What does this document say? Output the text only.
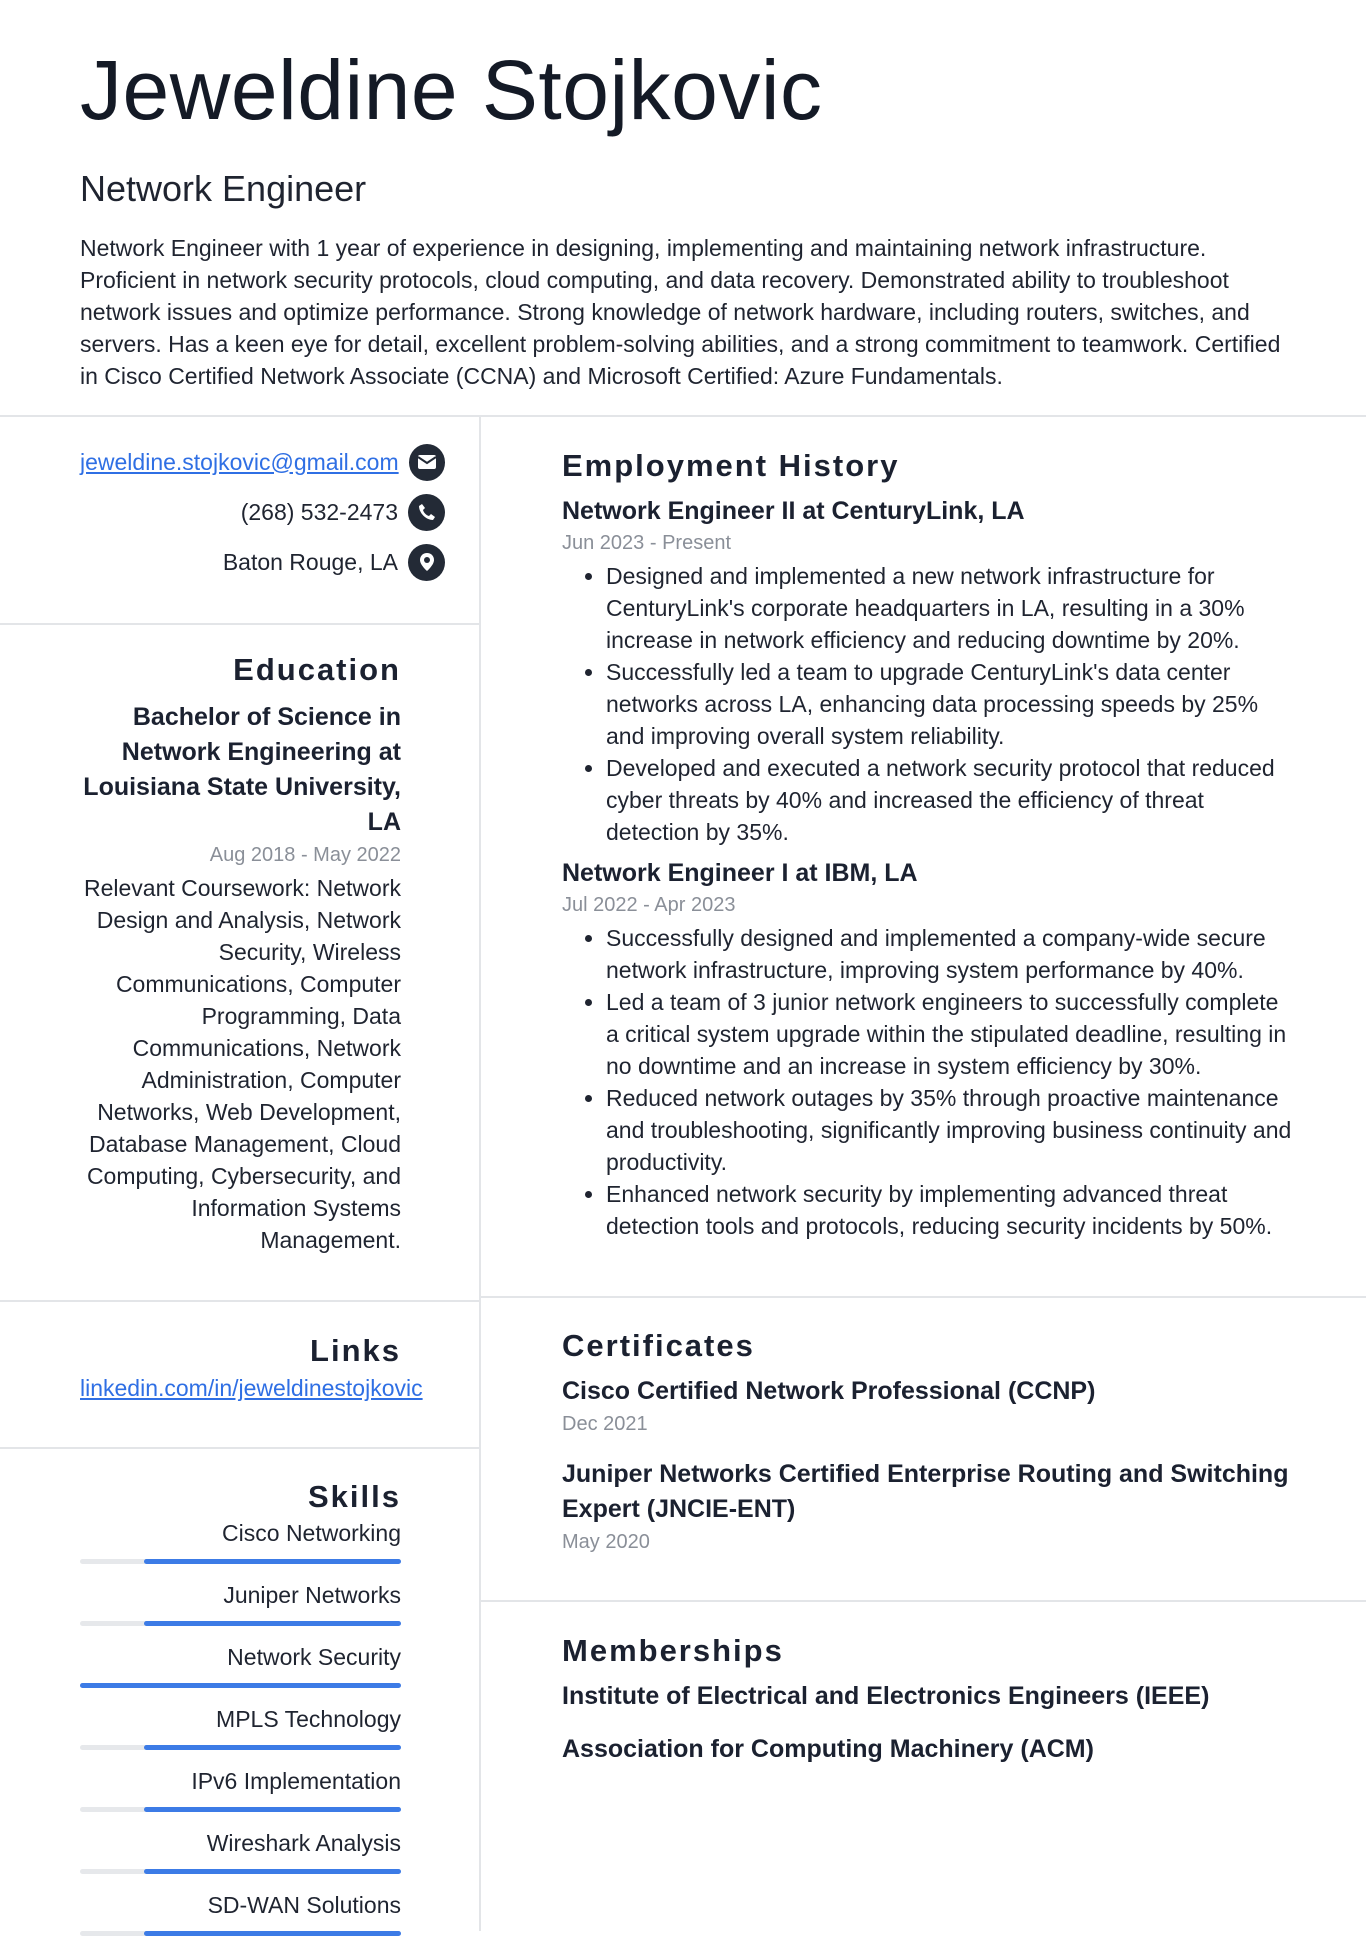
Jeweldine Stojkovic
Network Engineer
Network Engineer with 1 year of experience in designing, implementing and maintaining network infrastructure. Proficient in network security protocols, cloud computing, and data recovery. Demonstrated ability to troubleshoot network issues and optimize performance. Strong knowledge of network hardware, including routers, switches, and servers. Has a keen eye for detail, excellent problem-solving abilities, and a strong commitment to teamwork. Certified in Cisco Certified Network Associate (CCNA) and Microsoft Certified: Azure Fundamentals.
jeweldine.stojkovic@gmail.com
(268) 532-2473
Baton Rouge, LA
Education
Bachelor of Science in Network Engineering at Louisiana State University, LA
Aug 2018 - May 2022
Relevant Coursework: Network Design and Analysis, Network Security, Wireless Communications, Computer Programming, Data Communications, Network Administration, Computer Networks, Web Development, Database Management, Cloud Computing, Cybersecurity, and Information Systems Management.
Links
linkedin.com/in/jeweldinestojkovic
Skills
Cisco Networking
Juniper Networks
Network Security
MPLS Technology
IPv6 Implementation
Wireshark Analysis
SD-WAN Solutions
Employment History
Network Engineer II at CenturyLink, LA
Jun 2023 - Present
• Designed and implemented a new network infrastructure for CenturyLink's corporate headquarters in LA, resulting in a 30% increase in network efficiency and reducing downtime by 20%.
• Successfully led a team to upgrade CenturyLink's data center networks across LA, enhancing data processing speeds by 25% and improving overall system reliability.
• Developed and executed a network security protocol that reduced cyber threats by 40% and increased the efficiency of threat detection by 35%.
Network Engineer I at IBM, LA
Jul 2022 - Apr 2023
• Successfully designed and implemented a company-wide secure network infrastructure, improving system performance by 40%.
• Led a team of 3 junior network engineers to successfully complete a critical system upgrade within the stipulated deadline, resulting in no downtime and an increase in system efficiency by 30%.
• Reduced network outages by 35% through proactive maintenance and troubleshooting, significantly improving business continuity and productivity.
• Enhanced network security by implementing advanced threat detection tools and protocols, reducing security incidents by 50%.
Certificates
Cisco Certified Network Professional (CCNP)
Dec 2021
Juniper Networks Certified Enterprise Routing and Switching Expert (JNCIE-ENT)
May 2020
Memberships
Institute of Electrical and Electronics Engineers (IEEE)
Association for Computing Machinery (ACM)
